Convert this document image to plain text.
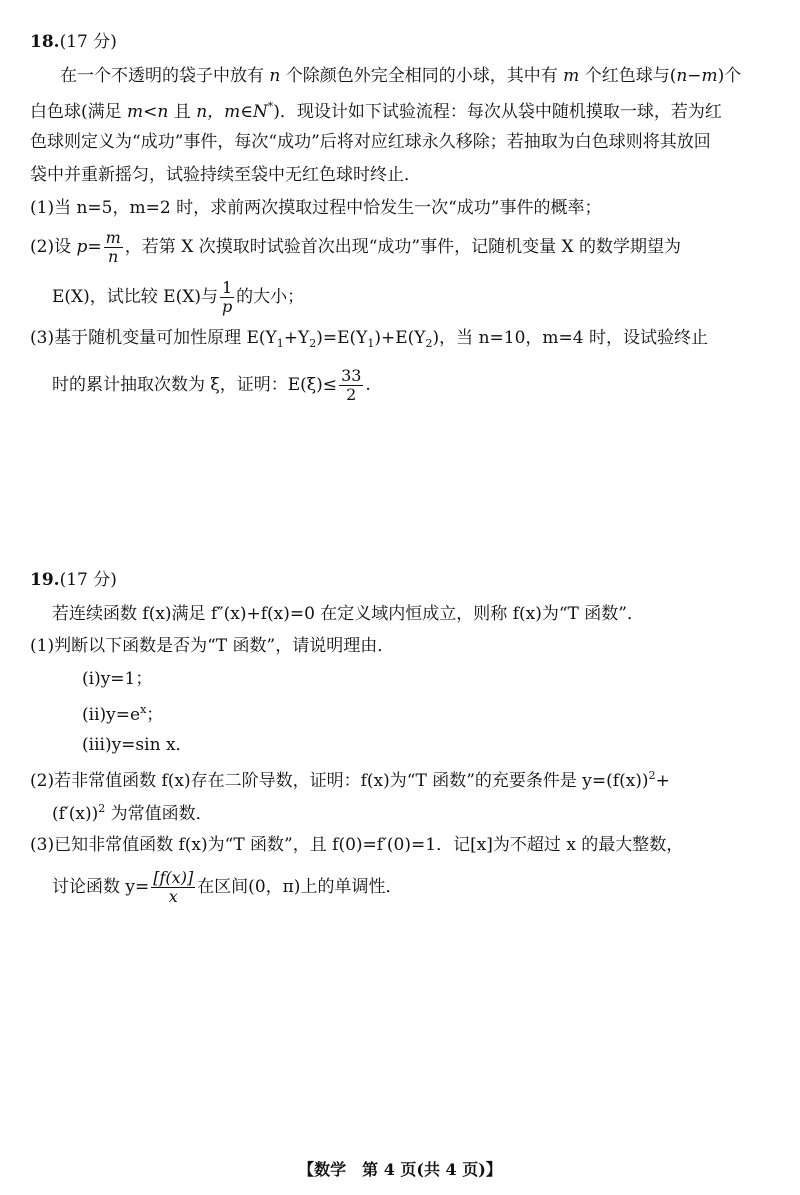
18.(17 分)
在一个不透明的袋子中放有 n 个除颜色外完全相同的小球，其中有 m 个红色球与(n−m)个
白色球(满足 m<n 且 n，m∈N*)．现设计如下试验流程：每次从袋中随机摸取一球，若为红
色球则定义为“成功”事件，每次“成功”后将对应红球永久移除；若抽取为白色球则将其放回
袋中并重新摇匀，试验持续至袋中无红色球时终止．
(1)当 n=5，m=2 时，求前两次摸取过程中恰发生一次“成功”事件的概率；
(2)设 $p= \frac{m}{n}$ ，若第 X 次摸取时试验首次出现“成功”事件，记随机变量 X 的数学期望为
E(X)，试比较 E(X)与 $\frac{1}{p}$ 的大小；
(3)基于随机变量可加性原理 $E(Y_1+Y_2)=E(Y_1)+E(Y_2)$，当 n=10，m=4 时，设试验终止
时的累计抽取次数为 ξ，证明：$E(\xi)\le \frac{33}{2}$ .
19.(17 分)
若连续函数 f(x)满足 f″(x)+f(x)=0 在定义域内恒成立，则称 f(x)为“T 函数”．
(1)判断以下函数是否为“T 函数”，请说明理由．
(ⅰ)y=1；
$(ⅱ)y=e^x$；
(ⅲ)y=sin x．
(2)若非常值函数 f(x)存在二阶导数，证明：f(x)为“T 函数”的充要条件是 $y=(f(x))^2+$
$(f'(x))^2$ 为常值函数．
(3)已知非常值函数 f(x)为“T 函数”，且 f(0)=f′(0)=1．记[x]为不超过 x 的最大整数，
讨论函数 $y= \frac{[f(x)]}{x}$ 在区间(0，π)上的单调性．
【数学　第 4 页(共 4 页)】
